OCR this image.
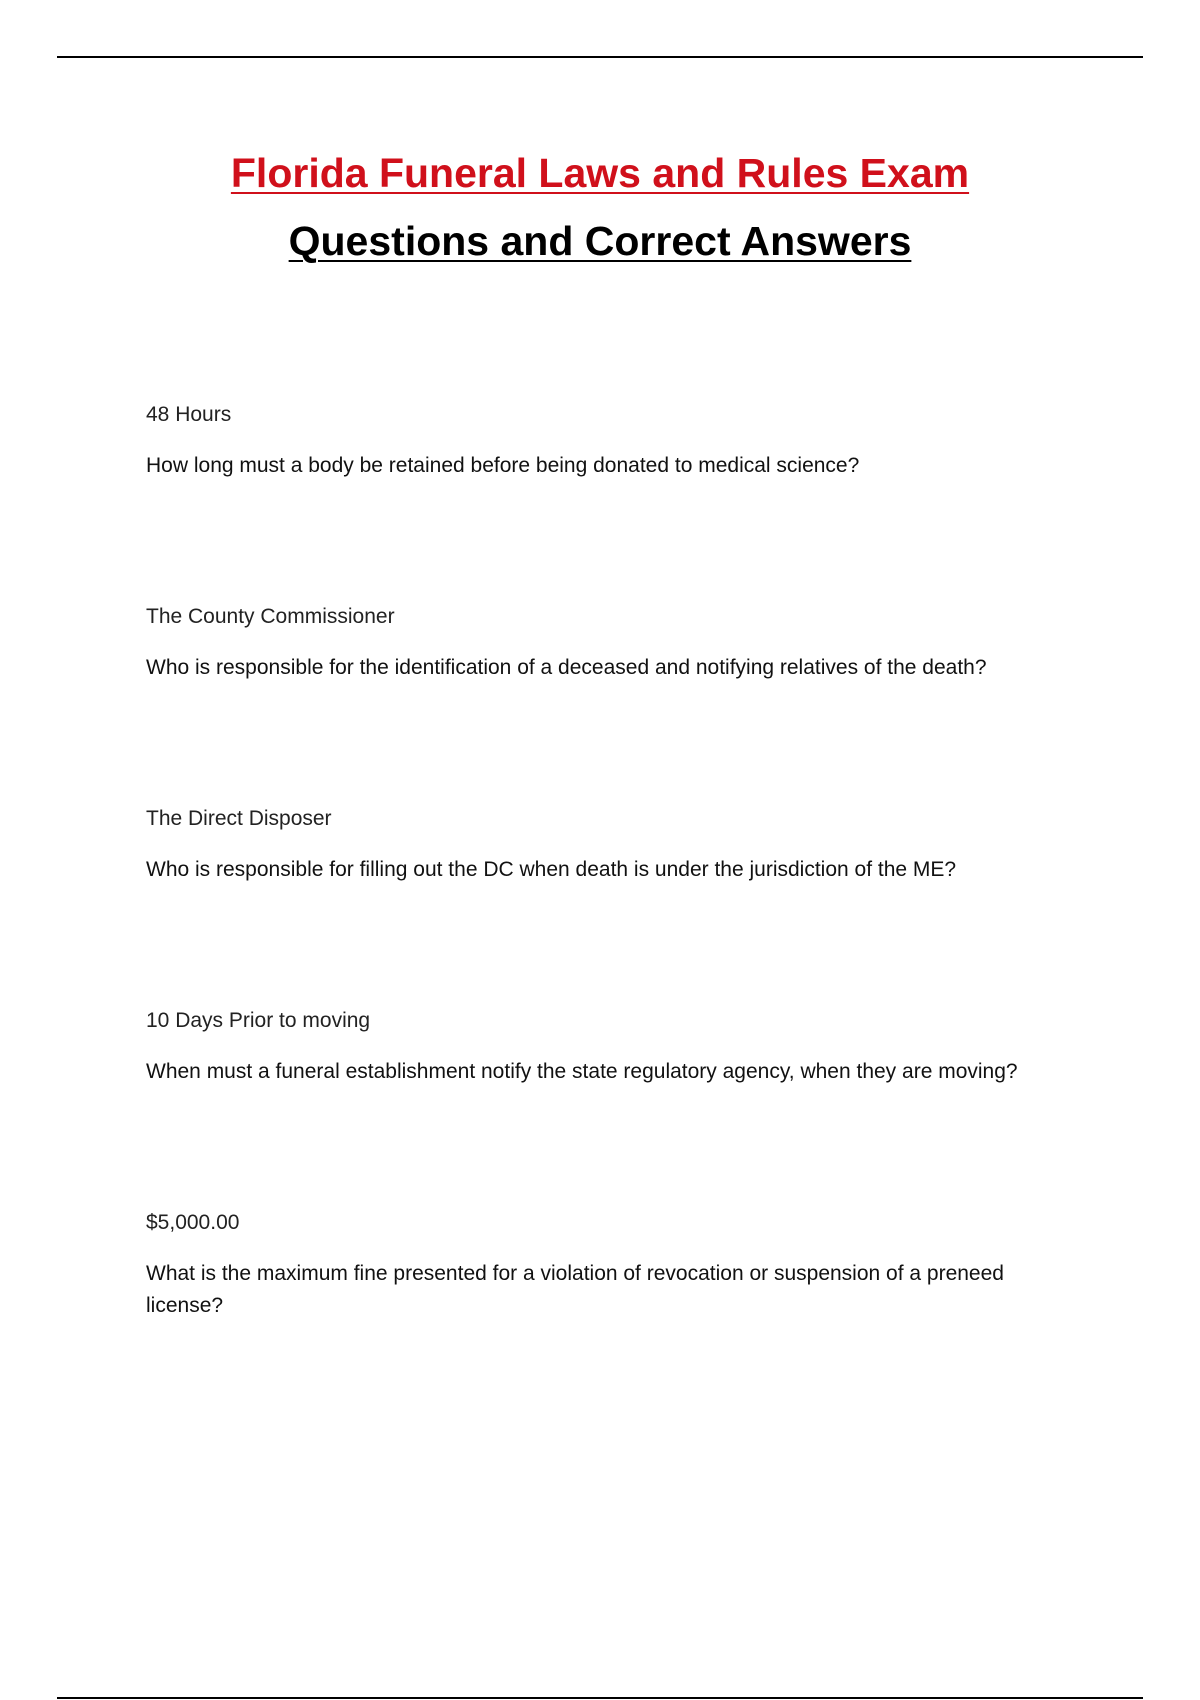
Florida Funeral Laws and Rules Exam
Questions and Correct Answers

48 Hours

How long must a body be retained before being donated to medical science?

The County Commissioner

Who is responsible for the identification of a deceased and notifying relatives of the death?

The Direct Disposer

Who is responsible for filling out the DC when death is under the jurisdiction of the ME?

10 Days Prior to moving

When must a funeral establishment notify the state regulatory agency, when they are moving?

$5,000.00

What is the maximum fine presented for a violation of revocation or suspension of a preneed license?
